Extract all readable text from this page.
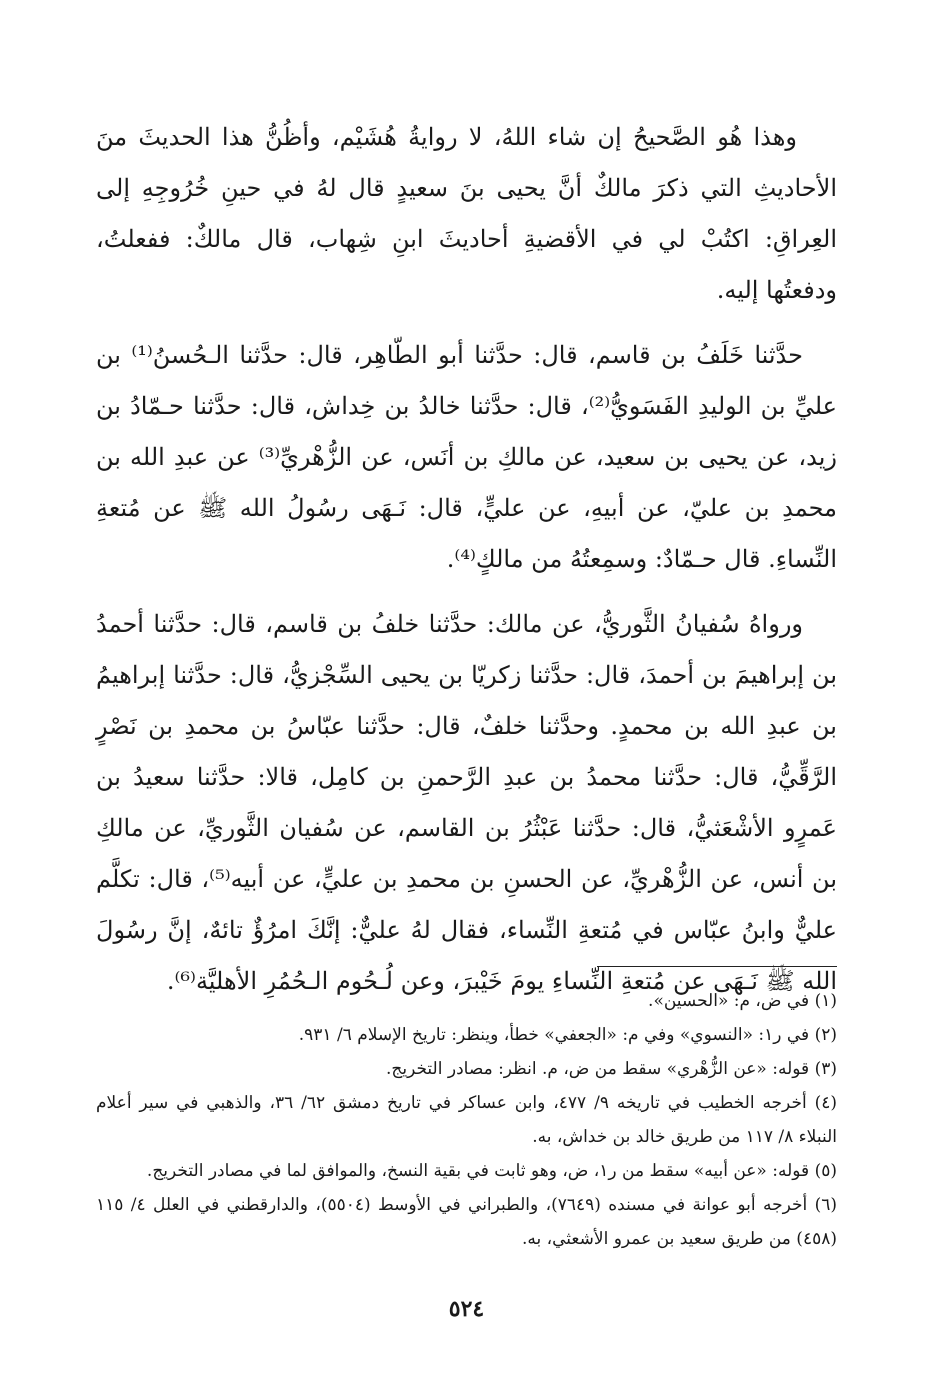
وهذا هُو الصَّحيحُ إن شاء اللهُ، لا روايةُ هُشَيْم، وأظُنُّ هذا الحديثَ منَ الأحاديثِ التي ذكرَ مالكٌ أنَّ يحيى بنَ سعيدٍ قال لهُ في حينِ خُرُوجِهِ إلى العِراقِ: اكتُبْ لي في الأقضيةِ أحاديثَ ابنِ شِهاب، قال مالكٌ: ففعلتُ، ودفعتُها إليه.

حدَّثنا خَلَفُ بن قاسم، قال: حدَّثنا أبو الطّاهِر، قال: حدَّثنا الـحُسنُ⁽¹⁾ بن عليِّ بن الوليدِ الفَسَويُّ⁽²⁾، قال: حدَّثنا خالدُ بن خِداش، قال: حدَّثنا حـمّادُ بن زيد، عن يحيى بن سعيد، عن مالكِ بن أنَس، عن الزُّهْريِّ⁽³⁾ عن عبدِ الله بن محمدِ بن عليّ، عن أبيهِ، عن عليٍّ، قال: نَـهَى رسُولُ الله ﷺ عن مُتعةِ النِّساءِ. قال حـمّادٌ: وسمِعتُهُ من مالكٍ⁽⁴⁾.

ورواهُ سُفيانُ الثَّوريُّ، عن مالك: حدَّثنا خلفُ بن قاسم، قال: حدَّثنا أحمدُ بن إبراهيمَ بن أحمدَ، قال: حدَّثنا زكريّا بن يحيى السِّجْزيُّ، قال: حدَّثنا إبراهيمُ بن عبدِ الله بن محمدٍ. وحدَّثنا خلفٌ، قال: حدَّثنا عبّاسُ بن محمدِ بن نَصْرٍ الرَّقِّيُّ، قال: حدَّثنا محمدُ بن عبدِ الرَّحمنِ بن كامِل، قالا: حدَّثنا سعيدُ بن عَمرٍو الأشْعَثيُّ، قال: حدَّثنا عَبْثُرُ بن القاسم، عن سُفيان الثَّوريِّ، عن مالكِ بن أنس، عن الزُّهْريِّ، عن الحسنِ بن محمدِ بن عليٍّ، عن أبيه⁽⁵⁾، قال: تكلَّم عليٌّ وابنُ عبّاس في مُتعةِ النِّساء، فقال لهُ عليٌّ: إنَّكَ امرُؤٌ تائهٌ، إنَّ رسُولَ الله ﷺ نَـهَى عن مُتعةِ النِّساءِ يومَ خَيْبرَ، وعن لُـحُوم الـحُمُرِ الأهليَّة⁽⁶⁾.

(١) في ض، م: «الحسين».

(٢) في ر١: «النسوي» وفي م: «الجعفي» خطأ، وينظر: تاريخ الإسلام ٦/ ٩٣١.

(٣) قوله: «عن الزُّهْري» سقط من ض، م. انظر: مصادر التخريج.

(٤) أخرجه الخطيب في تاريخه ٩/ ٤٧٧، وابن عساكر في تاريخ دمشق ٦٢/ ٣٦، والذهبي في سير أعلام النبلاء ٨/ ١١٧ من طريق خالد بن خداش، به.

(٥) قوله: «عن أبيه» سقط من ر١، ض، وهو ثابت في بقية النسخ، والموافق لما في مصادر التخريج.

(٦) أخرجه أبو عوانة في مسنده (٧٦٤٩)، والطبراني في الأوسط (٥٥٠٤)، والدارقطني في العلل ٤/ ١١٥ (٤٥٨) من طريق سعيد بن عمرو الأشعثي، به.

٥٢٤
